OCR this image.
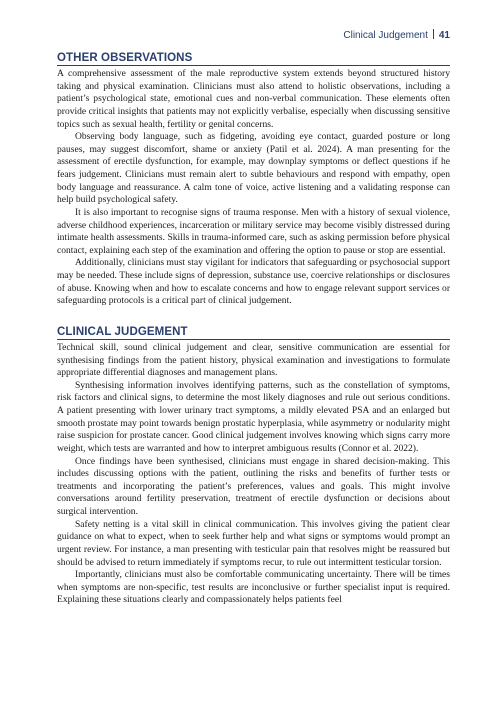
Clinical Judgement 41
OTHER OBSERVATIONS

A comprehensive assessment of the male reproductive system extends beyond structured history taking and physical examination. Clinicians must also attend to holistic observations, including a patient’s psychological state, emotional cues and non-verbal communication. These elements often provide critical insights that patients may not explicitly verbalise, especially when discussing sensitive topics such as sexual health, fertility or genital concerns.

Observing body language, such as fidgeting, avoiding eye contact, guarded posture or long pauses, may suggest discomfort, shame or anxiety (Patil et al. 2024). A man presenting for the assessment of erectile dysfunction, for example, may downplay symptoms or deflect questions if he fears judgement. Clinicians must remain alert to subtle behaviours and respond with empathy, open body language and reassurance. A calm tone of voice, active listening and a validating response can help build psychological safety.

It is also important to recognise signs of trauma response. Men with a history of sexual violence, adverse childhood experiences, incarceration or military service may become visibly distressed during intimate health assessments. Skills in trauma-informed care, such as asking permission before physical contact, explaining each step of the examination and offering the option to pause or stop are essential.

Additionally, clinicians must stay vigilant for indicators that safeguarding or psychosocial support may be needed. These include signs of depression, substance use, coercive relationships or disclosures of abuse. Knowing when and how to escalate concerns and how to engage relevant support services or safeguarding protocols is a critical part of clinical judgement.

CLINICAL JUDGEMENT

Technical skill, sound clinical judgement and clear, sensitive communication are essential for synthesising findings from the patient history, physical examination and investigations to formulate appropriate differential diagnoses and management plans.

Synthesising information involves identifying patterns, such as the constellation of symptoms, risk factors and clinical signs, to determine the most likely diagnoses and rule out serious conditions. A patient presenting with lower urinary tract symptoms, a mildly elevated PSA and an enlarged but smooth prostate may point towards benign prostatic hyperplasia, while asymmetry or nodularity might raise suspicion for prostate cancer. Good clinical judgement involves knowing which signs carry more weight, which tests are warranted and how to interpret ambiguous results (Connor et al. 2022).

Once findings have been synthesised, clinicians must engage in shared decision-making. This includes discussing options with the patient, outlining the risks and benefits of further tests or treatments and incorporating the patient’s preferences, values and goals. This might involve conversations around fertility preservation, treatment of erectile dysfunction or decisions about surgical intervention.

Safety netting is a vital skill in clinical communication. This involves giving the patient clear guidance on what to expect, when to seek further help and what signs or symptoms would prompt an urgent review. For instance, a man presenting with testicular pain that resolves might be reassured but should be advised to return immediately if symptoms recur, to rule out intermittent testicular torsion.

Importantly, clinicians must also be comfortable communicating uncertainty. There will be times when symptoms are non-specific, test results are inconclusive or further specialist input is required. Explaining these situations clearly and compassionately helps patients feel
